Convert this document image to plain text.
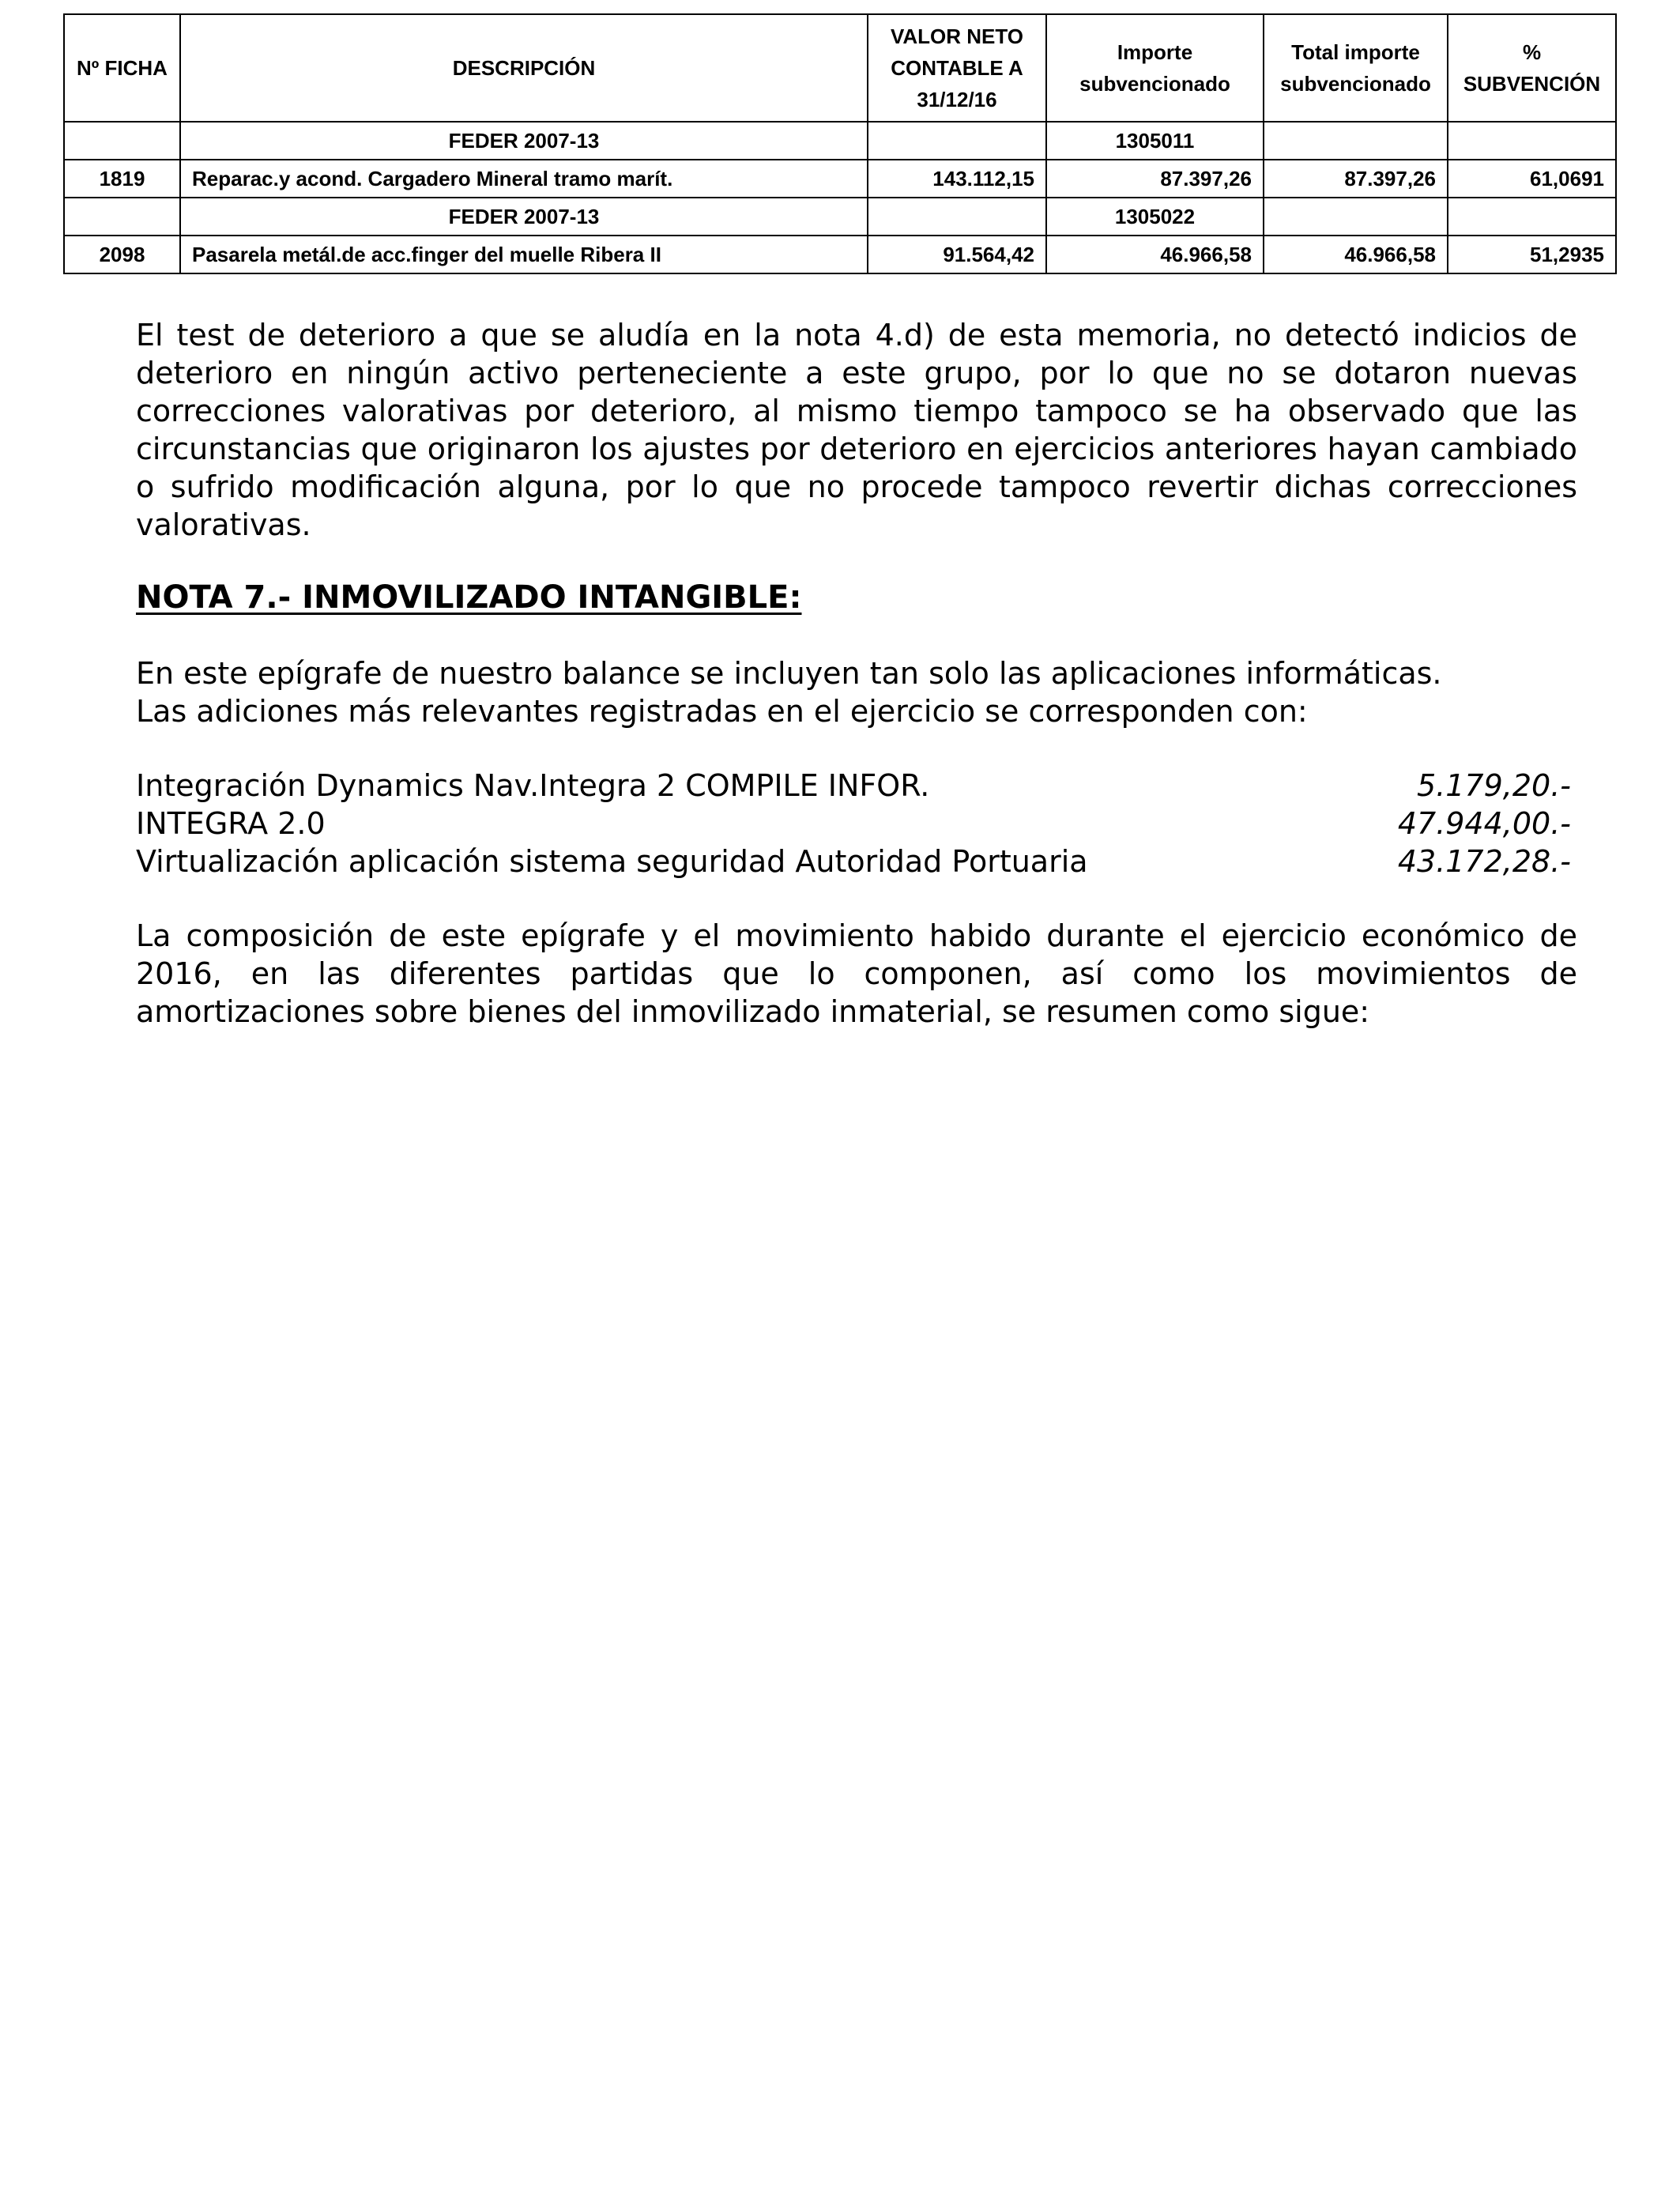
Nº FICHA	DESCRIPCIÓN	VALOR NETO CONTABLE A 31/12/16	Importe subvencionado	Total importe subvencionado	% SUBVENCIÓN
	FEDER 2007-13		1305011		
1819	Reparac.y acond. Cargadero Mineral tramo marít.	143.112,15	87.397,26	87.397,26	61,0691
	FEDER 2007-13		1305022		
2098	Pasarela metál.de acc.finger del muelle Ribera II	91.564,42	46.966,58	46.966,58	51,2935

El test de deterioro a que se aludía en la nota 4.d) de esta memoria, no detectó indicios de deterioro en ningún activo perteneciente a este grupo, por lo que no se dotaron nuevas correcciones valorativas por deterioro, al mismo tiempo tampoco se ha observado que las circunstancias que originaron los ajustes por deterioro en ejercicios anteriores hayan cambiado o sufrido modificación alguna, por lo que no procede tampoco revertir dichas correcciones valorativas.

NOTA 7.- INMOVILIZADO INTANGIBLE:

En este epígrafe de nuestro balance se incluyen tan solo las aplicaciones informáticas.

Las adiciones más relevantes registradas en el ejercicio se corresponden con:

Integración Dynamics Nav.Integra 2 COMPILE INFOR.	5.179,20.-
INTEGRA 2.0	47.944,00.-
Virtualización aplicación sistema seguridad Autoridad Portuaria	43.172,28.-

La composición de este epígrafe y el movimiento habido durante el ejercicio económico de 2016, en las diferentes partidas que lo componen, así como los movimientos de amortizaciones sobre bienes del inmovilizado inmaterial, se resumen como sigue:
